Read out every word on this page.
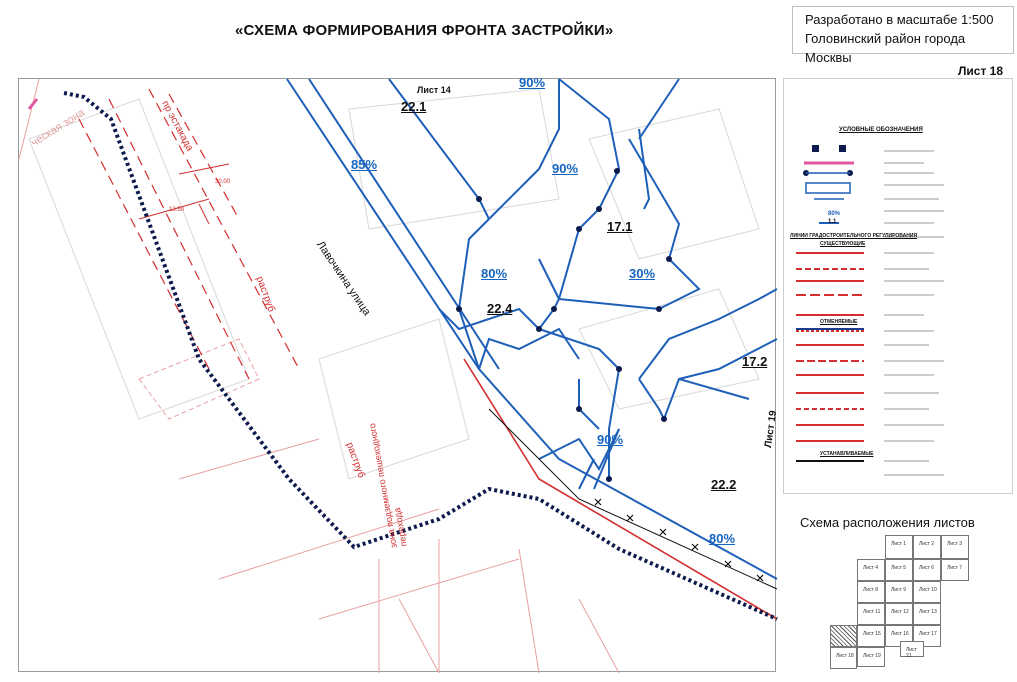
«СХЕМА ФОРМИРОВАНИЯ ФРОНТА ЗАСТРОЙКИ»
Разработано в масштабе 1:500
Головинский район города Москвы
Лист 18
Лист 14	90%
22.1
85%
Лавочкина улица
90%
17.1
80%	30%
22.4
17.2
Лист 19
90%
22.2
80%
пр эстакада
ческая зона
30.00
13.50
раструб
раструб зона подземного пешеходного перехода
УСЛОВНЫЕ ОБОЗНАЧЕНИЯ
80%
1.1
ЛИНИИ ГРАДОСТРОИТЕЛЬНОГО РЕГУЛИРОВАНИЯ
СУЩЕСТВУЮЩИЕ
ОТМЕНЯЕМЫЕ
УСТАНАВЛИВАЕМЫЕ
Схема расположения листов
Лист 1	Лист 2	Лист 3
Лист 4	Лист 5	Лист 6	Лист 7
Лист 8	Лист 9	Лист 10
Лист 11	Лист 12	Лист 13
Лист 15	Лист 16	Лист 17
Лист 18	Лист 19
Лист 21
